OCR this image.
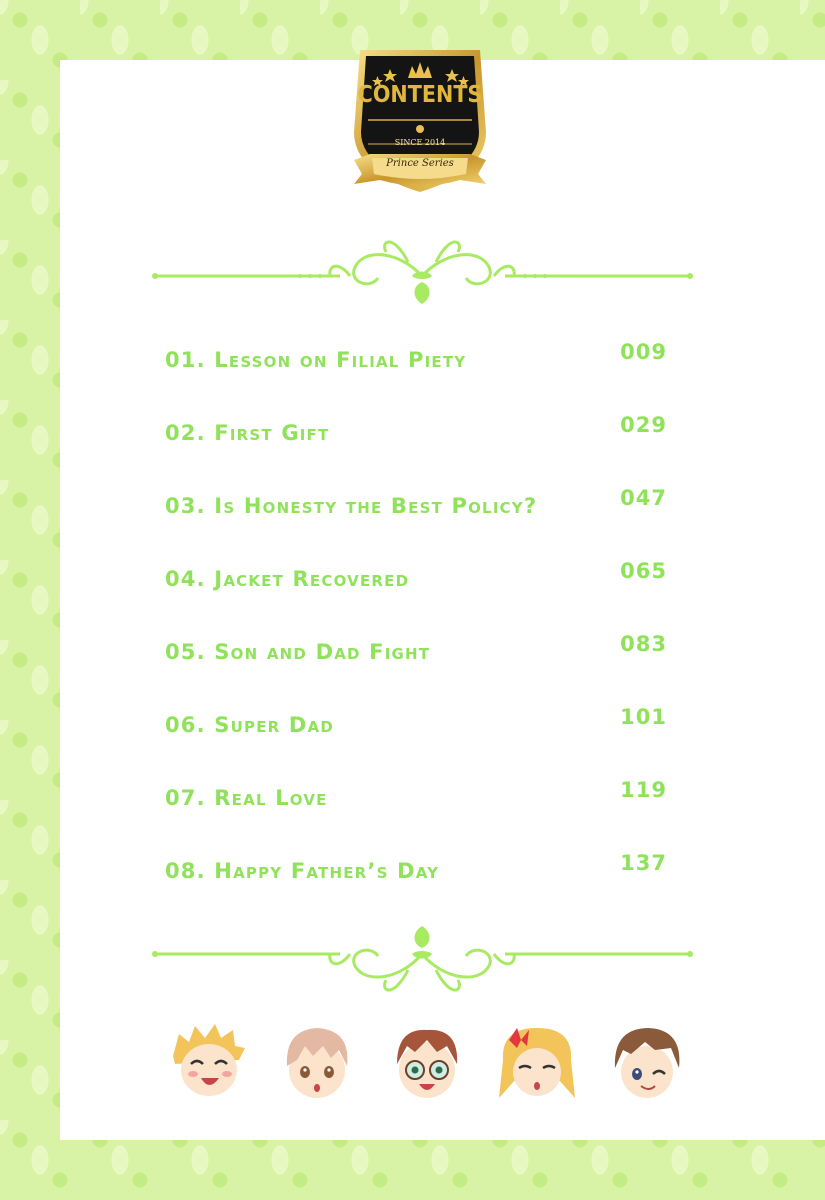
CONTENTS
SINCE 2014
Prince Series
01. Lesson on Filial Piety	009
02. First Gift	029
03. Is Honesty the Best Policy?	047
04. Jacket Recovered	065
05. Son and Dad Fight	083
06. Super Dad	101
07. Real Love	119
08. Happy Father’s Day	137
